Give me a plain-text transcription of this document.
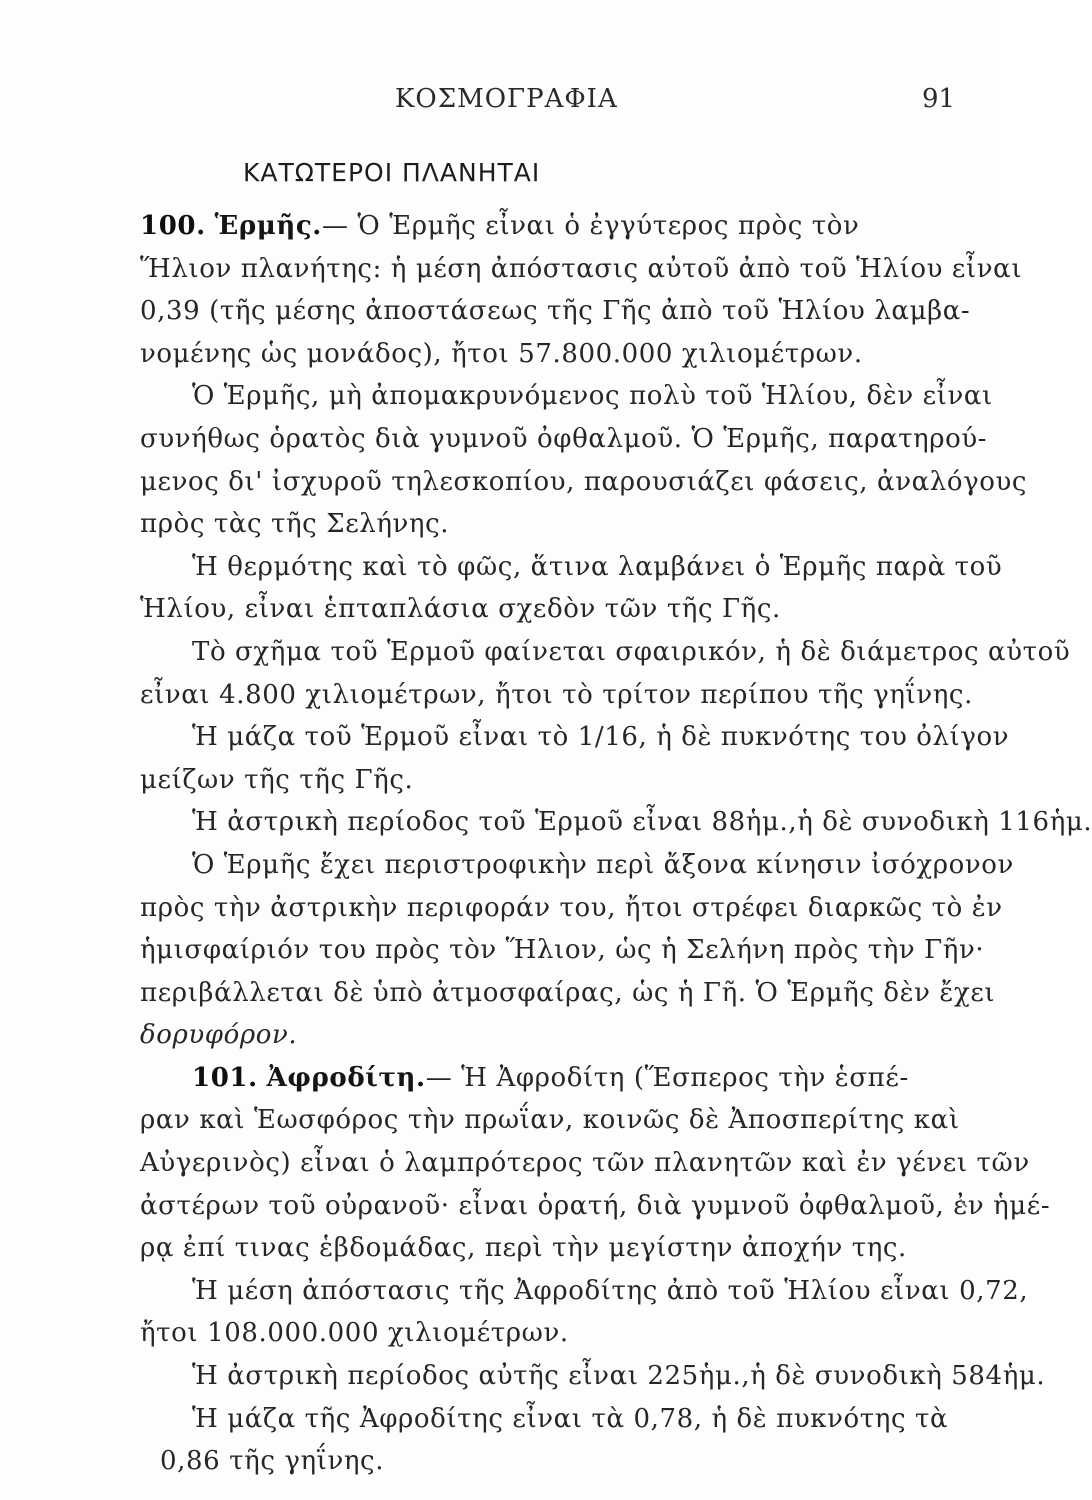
ΚΟΣΜΟΓΡΑΦΙΑ	91
ΚΑΤΩΤΕΡΟΙ ΠΛΑΝΗΤΑΙ
100. Ἑρμῆς.— Ὁ Ἑρμῆς εἶναι ὁ ἐγγύτερος πρὸς τὸν
Ἥλιον πλανήτης: ἡ μέση ἀπόστασις αὐτοῦ ἀπὸ τοῦ Ἡλίου εἶναι
0,39 (τῆς μέσης ἀποστάσεως τῆς Γῆς ἀπὸ τοῦ Ἡλίου λαμβα-
νομένης ὡς μονάδος), ἤτοι 57.800.000 χιλιομέτρων.
Ὁ Ἑρμῆς, μὴ ἀπομακρυνόμενος πολὺ τοῦ Ἡλίου, δὲν εἶναι
συνήθως ὁρατὸς διὰ γυμνοῦ ὀφθαλμοῦ. Ὁ Ἑρμῆς, παρατηρού-
μενος δι' ἰσχυροῦ τηλεσκοπίου, παρουσιάζει φάσεις, ἀναλόγους
πρὸς τὰς τῆς Σελήνης.
Ἡ θερμότης καὶ τὸ φῶς, ἅτινα λαμβάνει ὁ Ἑρμῆς παρὰ τοῦ
Ἡλίου, εἶναι ἑπταπλάσια σχεδὸν τῶν τῆς Γῆς.
Τὸ σχῆμα τοῦ Ἑρμοῦ φαίνεται σφαιρικόν, ἡ δὲ διάμετρος αὐτοῦ
εἶναι 4.800 χιλιομέτρων, ἤτοι τὸ τρίτον περίπου τῆς γηΐνης.
Ἡ μάζα τοῦ Ἑρμοῦ εἶναι τὸ 1/16, ἡ δὲ πυκνότης του ὀλίγον
μείζων τῆς τῆς Γῆς.
Ἡ ἀστρικὴ περίοδος τοῦ Ἑρμοῦ εἶναι 88ἡμ.,ἡ δὲ συνοδικὴ 116ἡμ.
Ὁ Ἑρμῆς ἔχει περιστροφικὴν περὶ ἄξονα κίνησιν ἰσόχρονον
πρὸς τὴν ἀστρικὴν περιφοράν του, ἤτοι στρέφει διαρκῶς τὸ ἐν
ἡμισφαίριόν του πρὸς τὸν Ἥλιον, ὡς ἡ Σελήνη πρὸς τὴν Γῆν·
περιβάλλεται δὲ ὑπὸ ἀτμοσφαίρας, ὡς ἡ Γῆ. Ὁ Ἑρμῆς δὲν ἔχει
δορυφόρον.
101. Ἀφροδίτη.— Ἡ Ἀφροδίτη (Ἕσπερος τὴν ἑσπέ-
ραν καὶ Ἑωσφόρος τὴν πρωΐαν, κοινῶς δὲ Ἀποσπερίτης καὶ
Αὐγερινὸς) εἶναι ὁ λαμπρότερος τῶν πλανητῶν καὶ ἐν γένει τῶν
ἀστέρων τοῦ οὐρανοῦ· εἶναι ὁρατή, διὰ γυμνοῦ ὀφθαλμοῦ, ἐν ἡμέ-
ρᾳ ἐπί τινας ἑβδομάδας, περὶ τὴν μεγίστην ἀποχήν της.
Ἡ μέση ἀπόστασις τῆς Ἀφροδίτης ἀπὸ τοῦ Ἡλίου εἶναι 0,72,
ἤτοι 108.000.000 χιλιομέτρων.
Ἡ ἀστρικὴ περίοδος αὐτῆς εἶναι 225ἡμ.,ἡ δὲ συνοδικὴ 584ἡμ.
Ἡ μάζα τῆς Ἀφροδίτης εἶναι τὰ 0,78, ἡ δὲ πυκνότης τὰ
0,86 τῆς γηΐνης.
